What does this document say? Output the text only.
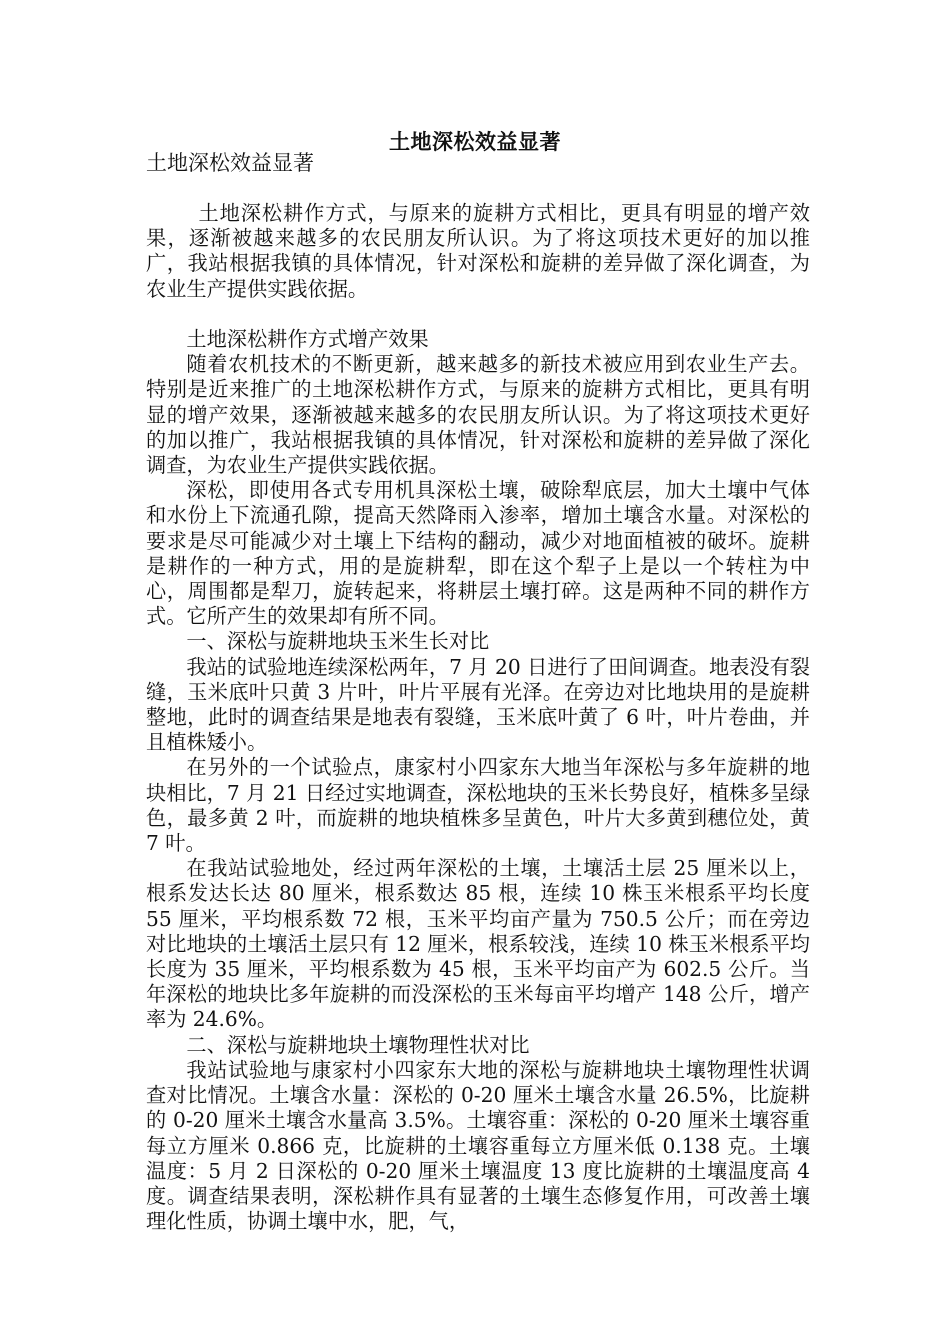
土地深松效益显著
土地深松效益显著

土地深松耕作方式，与原来的旋耕方式相比，更具有明显的增产效果，逐渐被越来越多的农民朋友所认识。为了将这项技术更好的加以推广，我站根据我镇的具体情况，针对深松和旋耕的差异做了深化调查，为农业生产提供实践依据。

土地深松耕作方式增产效果

随着农机技术的不断更新，越来越多的新技术被应用到农业生产去。特别是近来推广的土地深松耕作方式，与原来的旋耕方式相比，更具有明显的增产效果，逐渐被越来越多的农民朋友所认识。为了将这项技术更好的加以推广，我站根据我镇的具体情况，针对深松和旋耕的差异做了深化调查，为农业生产提供实践依据。

深松，即使用各式专用机具深松土壤，破除犁底层，加大土壤中气体和水份上下流通孔隙，提高天然降雨入渗率，增加土壤含水量。对深松的要求是尽可能减少对土壤上下结构的翻动，减少对地面植被的破坏。旋耕是耕作的一种方式，用的是旋耕犁，即在这个犁子上是以一个转柱为中心，周围都是犁刀，旋转起来，将耕层土壤打碎。这是两种不同的耕作方式。它所产生的效果却有所不同。

一、深松与旋耕地块玉米生长对比

我站的试验地连续深松两年，7 月 20 日进行了田间调查。地表没有裂缝，玉米底叶只黄 3 片叶，叶片平展有光泽。在旁边对比地块用的是旋耕整地，此时的调查结果是地表有裂缝，玉米底叶黄了 6 叶，叶片卷曲，并且植株矮小。

在另外的一个试验点，康家村小四家东大地当年深松与多年旋耕的地块相比，7 月 21 日经过实地调查，深松地块的玉米长势良好，植株多呈绿色，最多黄 2 叶，而旋耕的地块植株多呈黄色，叶片大多黄到穗位处，黄 7 叶。

在我站试验地处，经过两年深松的土壤，土壤活土层 25 厘米以上，根系发达长达 80 厘米，根系数达 85 根，连续 10 株玉米根系平均长度 55 厘米，平均根系数 72 根，玉米平均亩产量为 750.5 公斤；而在旁边对比地块的土壤活土层只有 12 厘米，根系较浅，连续 10 株玉米根系平均长度为 35 厘米，平均根系数为 45 根，玉米平均亩产为 602.5 公斤。当年深松的地块比多年旋耕的而没深松的玉米每亩平均增产 148 公斤，增产率为 24.6%。

二、深松与旋耕地块土壤物理性状对比

我站试验地与康家村小四家东大地的深松与旋耕地块土壤物理性状调查对比情况。土壤含水量：深松的 0-20 厘米土壤含水量 26.5%，比旋耕的 0-20 厘米土壤含水量高 3.5%。土壤容重：深松的 0-20 厘米土壤容重每立方厘米 0.866 克，比旋耕的土壤容重每立方厘米低 0.138 克。土壤温度：5 月 2 日深松的 0-20 厘米土壤温度 13 度比旋耕的土壤温度高 4 度。调查结果表明，深松耕作具有显著的土壤生态修复作用，可改善土壤理化性质，协调土壤中水，肥，气，
